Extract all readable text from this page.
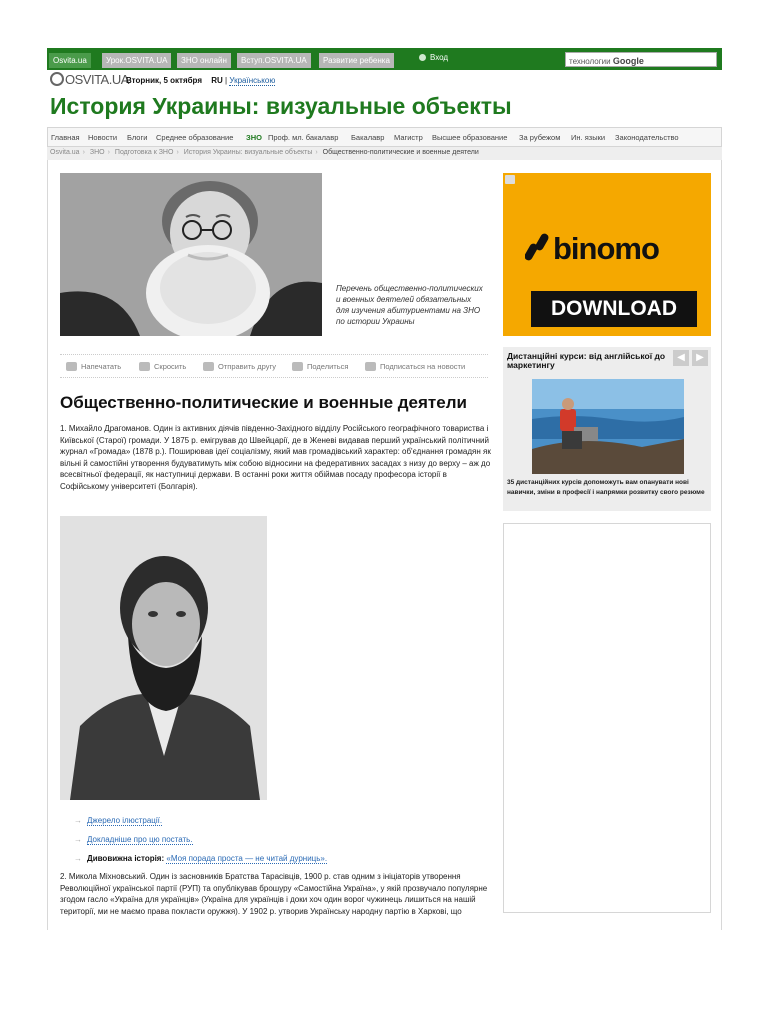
Osvita.ua	Урок.OSVITA.UA	ЗНО онлайн	Вступ.OSVITA.UA	Развитие ребенка	Вход	технологии Google
OSVITA.UA
Вторник, 5 октября RU | Українською
История Украины: визуальные объекты
Главная Новости Блоги Среднее образование ЗНО Проф. мл. бакалавр Бакалавр Магистр Высшее образование За рубежом Ин. языки Законодательство
Osvita.ua › ЗНО › Подготовка к ЗНО › История Украины: визуальные объекты › Общественно-политические и военные деятели
Перечень общественно-политических и военных деятелей обязательных для изучения абитуриентами на ЗНО по истории Украины
Напечатать	Скросить	Отправить другу	Поделиться	Подписаться на новости
Общественно-политические и военные деятели

1. Михайло Драгоманов. Один із активних діячів південно-Західного відділу Російського географічного товариства і Київської (Старої) громади. У 1875 р. емігрував до Швейцарії, де в Женеві видавав перший український політичний журнал «Громада» (1878 р.). Поширював ідеї соціалізму, який мав громадівський характер: об'єднання громадян як вільні й самостійні утворення будуватимуть між собою відносини на федеративних засадах з низу до верху – аж до всесвітньої федерації, як наступниці держави. В останні роки життя обіймав посаду професора історії в Софійському університеті (Болгарія).

→ Джерело ілюстрації.
→ Докладніше про цю постать.
→ Дивовижна історія: «Моя порада проста — не читай дурниць».

2. Микола Міхновський. Один із засновників Братства Тарасівців, 1900 р. став одним з ініціаторів утворення Революційної української партії (РУП) та опублікував брошуру «Самостійна Україна», у якій прозвучало популярне згодом гасло «Україна для українців» (Україна для українців і доки хоч один ворог чужинець лишиться на нашій території, ми не маємо права покласти оружжя). У 1902 р. утворив Українську народну партію в Харкові, що

binomo
DOWNLOAD
Дистанційні курси: від англійської до маркетингу
◀	▶
35 дистанційних курсів допоможуть вам опанувати нові навички, зміни в професії і напрямки розвитку свого резюме
